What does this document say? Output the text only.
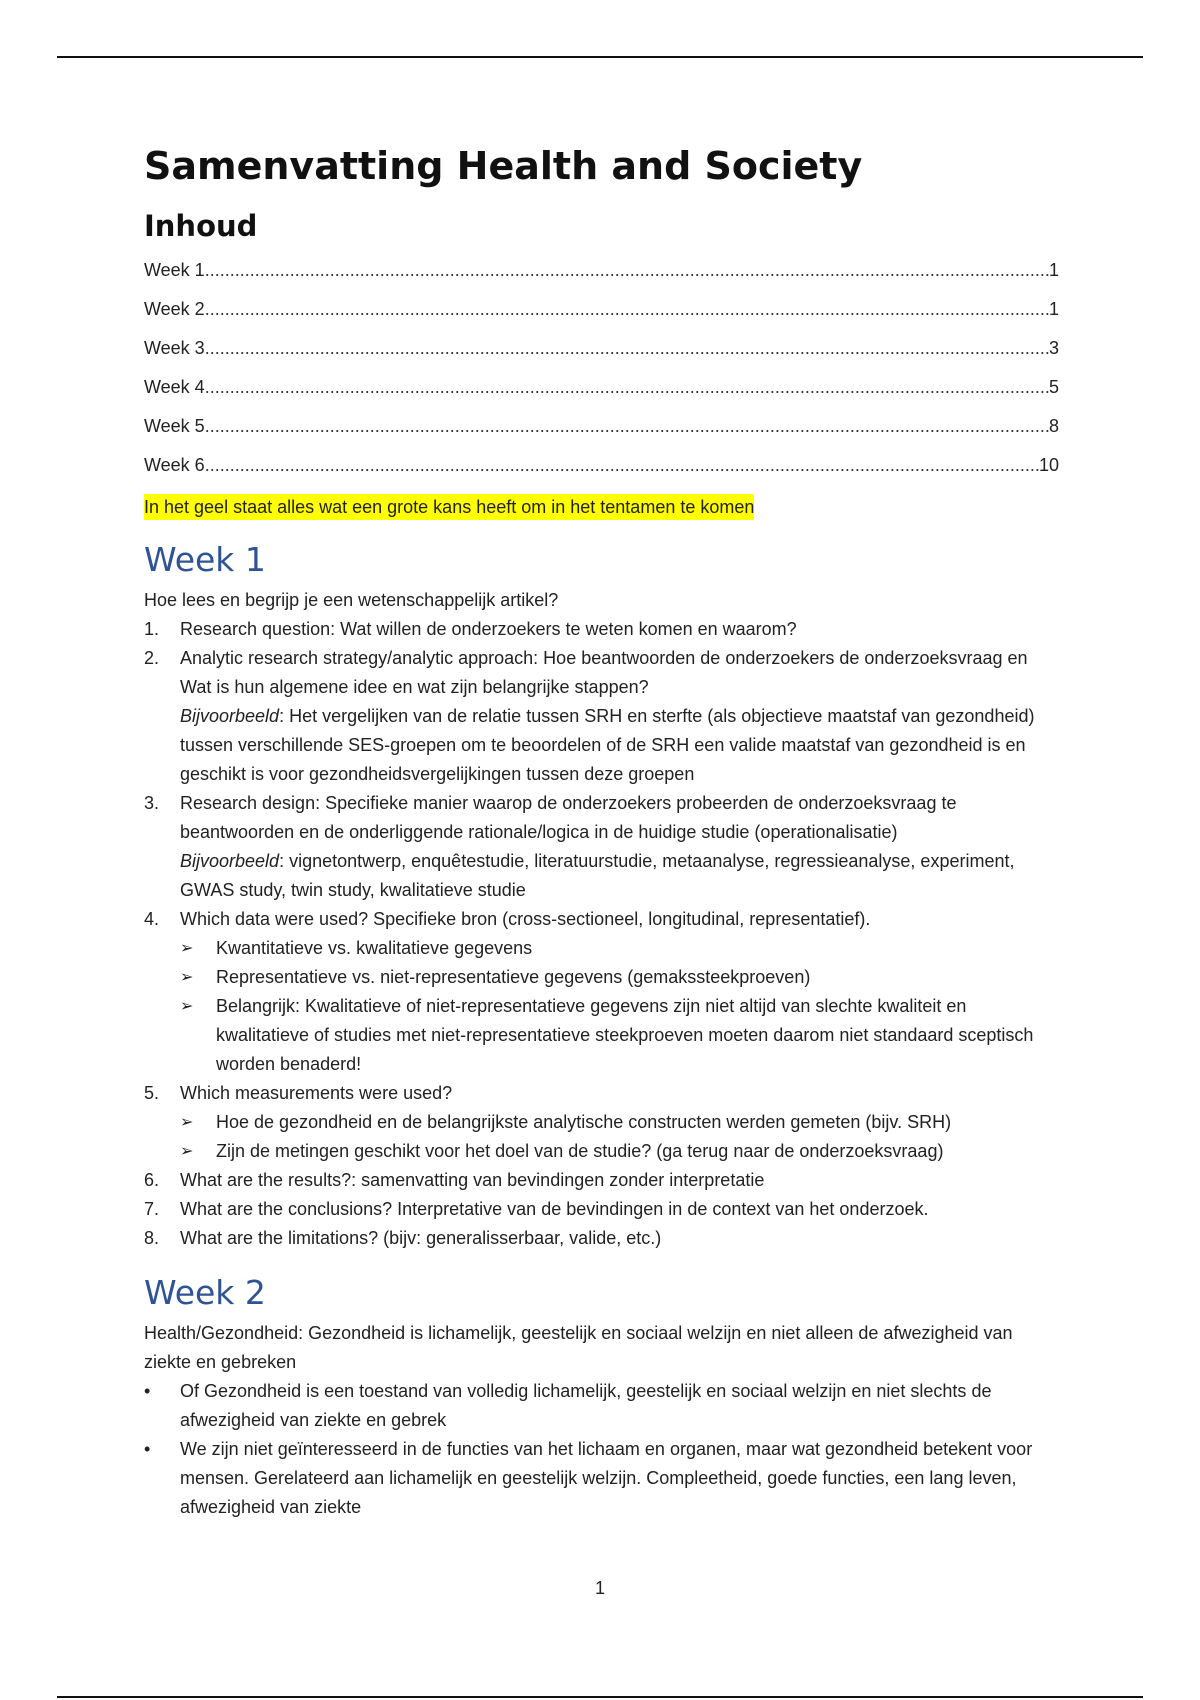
Samenvatting Health and Society
Inhoud
Week 1 .....	1
Week 2 .....	1
Week 3 .....	3
Week 4 .....	5
Week 5 .....	8
Week 6 .....	10
In het geel staat alles wat een grote kans heeft om in het tentamen te komen
Week 1

Hoe lees en begrijp je een wetenschappelijk artikel?

1. Research question: Wat willen de onderzoekers te weten komen en waarom?
2. Analytic research strategy/analytic approach: Hoe beantwoorden de onderzoekers de onderzoeksvraag en Wat is hun algemene idee en wat zijn belangrijke stappen?
Bijvoorbeeld: Het vergelijken van de relatie tussen SRH en sterfte (als objectieve maatstaf van gezondheid) tussen verschillende SES-groepen om te beoordelen of de SRH een valide maatstaf van gezondheid is en geschikt is voor gezondheidsvergelijkingen tussen deze groepen
3. Research design: Specifieke manier waarop de onderzoekers probeerden de onderzoeksvraag te beantwoorden en de onderliggende rationale/logica in de huidige studie (operationalisatie)
Bijvoorbeeld: vignetontwerp, enquêtestudie, literatuurstudie, metaanalyse, regressieanalyse, experiment, GWAS study, twin study, kwalitatieve studie
4. Which data were used? Specifieke bron (cross-sectioneel, longitudinal, representatief).
➢ Kwantitatieve vs. kwalitatieve gegevens
➢ Representatieve vs. niet-representatieve gegevens (gemakssteekproeven)
➢ Belangrijk: Kwalitatieve of niet-representatieve gegevens zijn niet altijd van slechte kwaliteit en kwalitatieve of studies met niet-representatieve steekproeven moeten daarom niet standaard sceptisch worden benaderd!
5. Which measurements were used?
➢ Hoe de gezondheid en de belangrijkste analytische constructen werden gemeten (bijv. SRH)
➢ Zijn de metingen geschikt voor het doel van de studie? (ga terug naar de onderzoeksvraag)
6. What are the results?: samenvatting van bevindingen zonder interpretatie
7. What are the conclusions? Interpretative van de bevindingen in de context van het onderzoek.
8. What are the limitations? (bijv: generalisserbaar, valide, etc.)
Week 2

Health/Gezondheid: Gezondheid is lichamelijk, geestelijk en sociaal welzijn en niet alleen de afwezigheid van ziekte en gebreken

• Of Gezondheid is een toestand van volledig lichamelijk, geestelijk en sociaal welzijn en niet slechts de afwezigheid van ziekte en gebrek
• We zijn niet geïnteresseerd in de functies van het lichaam en organen, maar wat gezondheid betekent voor mensen. Gerelateerd aan lichamelijk en geestelijk welzijn. Compleetheid, goede functies, een lang leven, afwezigheid van ziekte
1
